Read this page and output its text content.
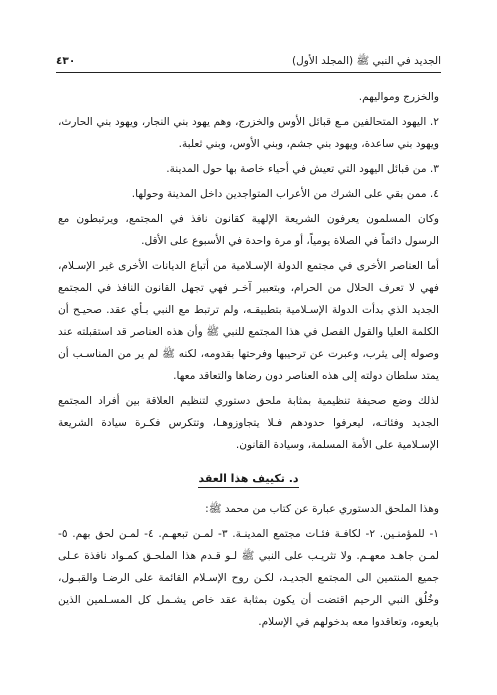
٤٣٠	الجديد في النبي ﷺ (المجلد الأول)

والخزرج ومواليهم.

٢. اليهود المتحالفين مـع قبائل الأوس والخزرج، وهم يهود بني النجار، ويهود بني الحارث، ويهود بني ساعدة، ويهود بني جشم، وبني الأوس، وبني ثعلبة.

٣. من قبائل اليهود التي تعيش في أحياء خاصة بها حول المدينة.

٤. ممن بقي على الشرك من الأعراب المتواجدين داخل المدينة وحولها.

وكان المسلمون يعرفون الشريعة الإلهية كقانون نافذ في المجتمع، ويرتبطون مع الرسول دائماً في الصلاة يومياً، أو مرة واحدة في الأسبوع على الأقل.

أما العناصر الأخرى في مجتمع الدولة الإسـلامية من أتباع الديانات الأخرى غير الإسـلام، فهي لا تعرف الحلال من الحرام، وبتعبير آخـر فهي تجهل القانون النافذ في المجتمع الجديد الذي بدأت الدولة الإسـلامية بتطبيقـه، ولم ترتبط مع النبي بـأي عقد. صحيـح أن الكلمة العليا والقول الفصل في هذا المجتمع للنبي ﷺ وأن هذه العناصر قد استقبلته عند وصوله إلى يثرب، وعبرت عن ترحيبها وفرحتها بقدومه، لكنه ﷺ لم ير من المناسـب أن يمتد سلطان دولته إلى هذه العناصر دون رضاها والتعاقد معها.

لذلك وضع صحيفة تنظيمية بمثابة ملحق دستوري لتنظيم العلاقة بين أفراد المجتمع الجديد وفئاتـه، ليعرفوا حدودهم فـلا يتجاوزوهـا، وتتكرس فكـرة سيادة الشريعة الإسـلامية على الأمة المسلمة، وسيادة القانون.

د. تكييف هذا العقد

وهذا الملحق الدستوري عبارة عن كتاب من محمد ﷺ:

١- للمؤمنـين. ٢- لكافـة فئـات مجتمع المدينـة. ٣- لمـن تبعهـم. ٤- لمـن لحق بهم. ٥- لمـن جاهـد معهـم. ولا تثريـب على النبي ﷺ لـو قـدم هذا الملحـق كمـواد نافذة عـلى جميع المنتمين الى المجتمع الجديـد، لكـن روح الإسـلام القائمة على الرضـا والقبـول، وخُلُق النبي الرحيم اقتضت أن يكون بمثابة عقد خاص يشـمل كل المسـلمين الذين بايعوه، وتعاقدوا معه بدخولهم في الإسلام.
